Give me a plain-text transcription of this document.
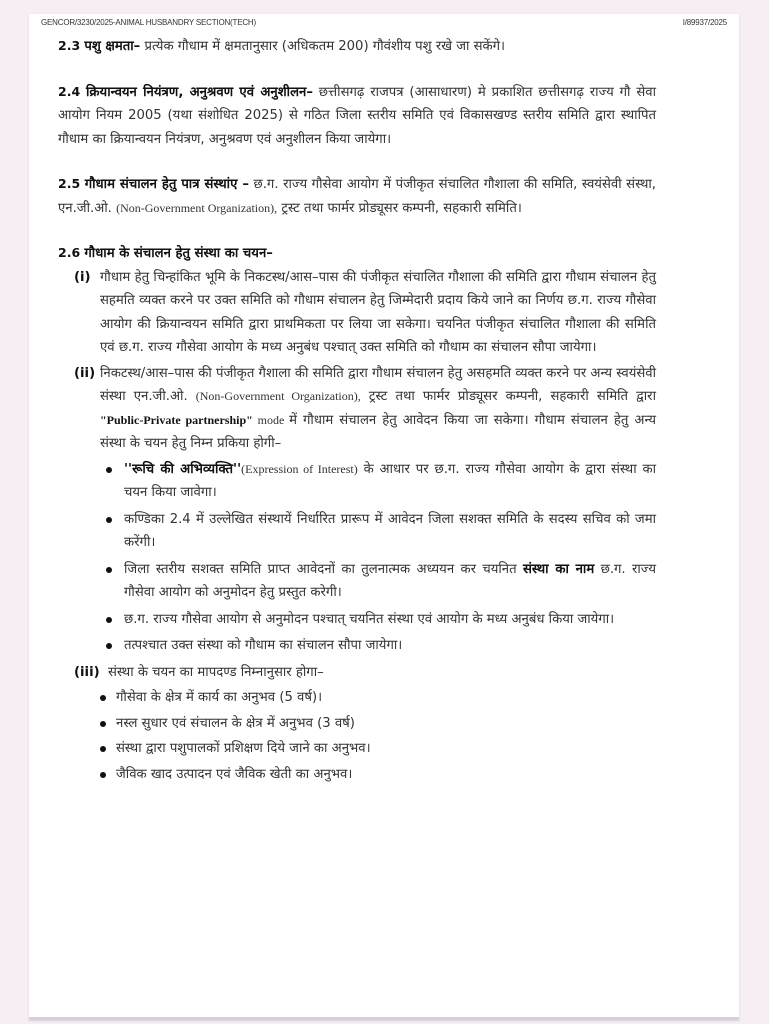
GENCOR/3230/2025-ANIMAL HUSBANDRY SECTION(TECH)	I/89937/2025
2.3 पशु क्षमता– प्रत्येक गौधाम में क्षमतानुसार (अधिकतम 200) गौवंशीय पशु रखे जा सकेंगे।
2.4 क्रियान्वयन नियंत्रण, अनुश्रवण एवं अनुशीलन– छत्तीसगढ़ राजपत्र (आसाधारण) मे प्रकाशित छत्तीसगढ़ राज्य गौ सेवा आयोग नियम 2005 (यथा संशोधित 2025) से गठित जिला स्तरीय समिति एवं विकासखण्ड स्तरीय समिति द्वारा स्थापित गौधाम का क्रियान्वयन नियंत्रण, अनुश्रवण एवं अनुशीलन किया जायेगा।
2.5 गौधाम संचालन हेतु पात्र संस्थांए – छ.ग. राज्य गौसेवा आयोग में पंजीकृत संचालित गौशाला की समिति, स्वयंसेवी संस्था, एन.जी.ओ. (Non-Government Organization), ट्रस्ट तथा फार्मर प्रोड्यूसर कम्पनी, सहकारी समिति।
2.6 गौधाम के संचालन हेतु संस्था का चयन–
(i) गौधाम हेतु चिन्हांकित भूमि के निकटस्थ/आस–पास की पंजीकृत संचालित गौशाला की समिति द्वारा गौधाम संचालन हेतु सहमति व्यक्त करने पर उक्त समिति को गौधाम संचालन हेतु जिम्मेदारी प्रदाय किये जाने का निर्णय छ.ग. राज्य गौसेवा आयोग की क्रियान्वयन समिति द्वारा प्राथमिकता पर लिया जा सकेगा। चयनित पंजीकृत संचालित गौशाला की समिति एवं छ.ग. राज्य गौसेवा आयोग के मध्य अनुबंध पश्चात् उक्त समिति को गौधाम का संचालन सौपा जायेगा।
(ii) निकटस्थ/आस–पास की पंजीकृत गैशाला की समिति द्वारा गौधाम संचालन हेतु असहमति व्यक्त करने पर अन्य स्वयंसेवी संस्था एन.जी.ओ. (Non-Government Organization), ट्रस्ट तथा फार्मर प्रोड्यूसर कम्पनी, सहकारी समिति द्वारा "Public-Private partnership" mode में गौधाम संचालन हेतु आवेदन किया जा सकेगा। गौधाम संचालन हेतु अन्य संस्था के चयन हेतु निम्न प्रकिया होगी–
''रूचि की अभिव्यक्ति''(Expression of Interest) के आधार पर छ.ग. राज्य गौसेवा आयोग के द्वारा संस्था का चयन किया जावेगा।
कण्डिका 2.4 में उल्लेखित संस्थायें निर्धारित प्रारूप में आवेदन जिला सशक्त समिति के सदस्य सचिव को जमा करेंगी।
जिला स्तरीय सशक्त समिति प्राप्त आवेदनों का तुलनात्मक अध्ययन कर चयनित संस्था का नाम छ.ग. राज्य गौसेवा आयोग को अनुमोदन हेतु प्रस्तुत करेगी।
छ.ग. राज्य गौसेवा आयोग से अनुमोदन पश्चात् चयनित संस्था एवं आयोग के मध्य अनुबंध किया जायेगा।
तत्पश्चात उक्त संस्था को गौधाम का संचालन सौपा जायेगा।
(iii) संस्था के चयन का मापदण्ड निम्नानुसार होगा–
गौसेवा के क्षेत्र में कार्य का अनुभव (5 वर्ष)।
नस्ल सुधार एवं संचालन के क्षेत्र में अनुभव (3 वर्ष)
संस्था द्वारा पशुपालकों प्रशिक्षण दिये जाने का अनुभव।
जैविक खाद उत्पादन एवं जैविक खेती का अनुभव।
